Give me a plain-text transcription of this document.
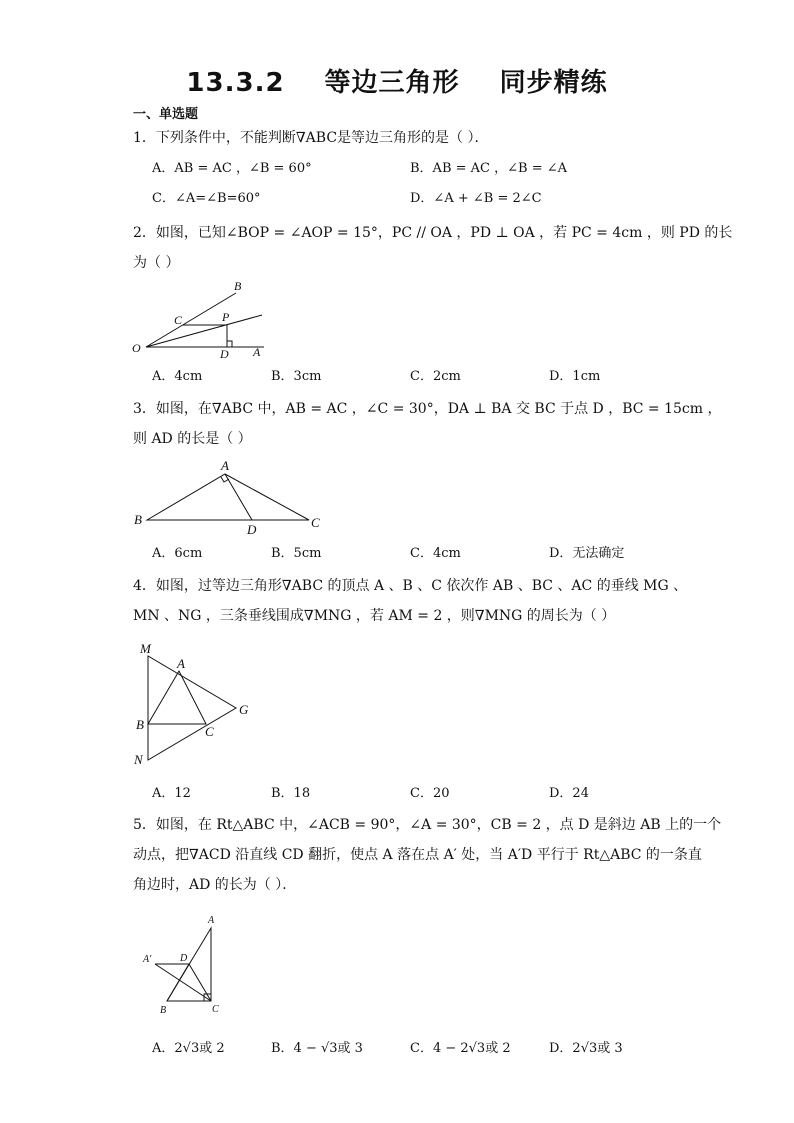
13.3.2 等边三角形 同步精练
一、单选题
1．下列条件中，不能判断∇ABC是等边三角形的是（ ）．
A．AB = AC ，∠B = 60°	B．AB = AC ，∠B = ∠A
C．∠A=∠B=60°	D．∠A + ∠B = 2∠C
2．如图，已知∠BOP = ∠AOP = 15°，PC // OA ，PD ⊥ OA ，若 PC = 4cm ，则 PD 的长
为（ ）
B
C	P
O	D A
A．4cm	B．3cm	C．2cm	D．1cm
3．如图，在∇ABC 中，AB = AC ，∠C = 30°，DA ⊥ BA 交 BC 于点 D ，BC = 15cm ，
则 AD 的长是（ ）
A
B
D	C
A．6cm	B．5cm	C．4cm	D．无法确定
4．如图，过等边三角形∇ABC 的顶点 A 、B 、C 依次作 AB 、BC 、AC 的垂线 MG 、
MN 、NG ，三条垂线围成∇MNG ，若 AM = 2 ，则∇MNG 的周长为（ ）
M
A
G
B	C
N
A．12	B．18	C．20	D．24
5．如图，在 Rt△ABC 中，∠ACB = 90°，∠A = 30°，CB = 2 ，点 D 是斜边 AB 上的一个
动点，把∇ACD 沿直线 CD 翻折，使点 A 落在点 A′ 处，当 A′D 平行于 Rt△ABC 的一条直
角边时，AD 的长为（ ）．
A
A′	D
B	C
A．2√3或 2	B．4 − √3或 3	C．4 − 2√3或 2	D．2√3或 3
